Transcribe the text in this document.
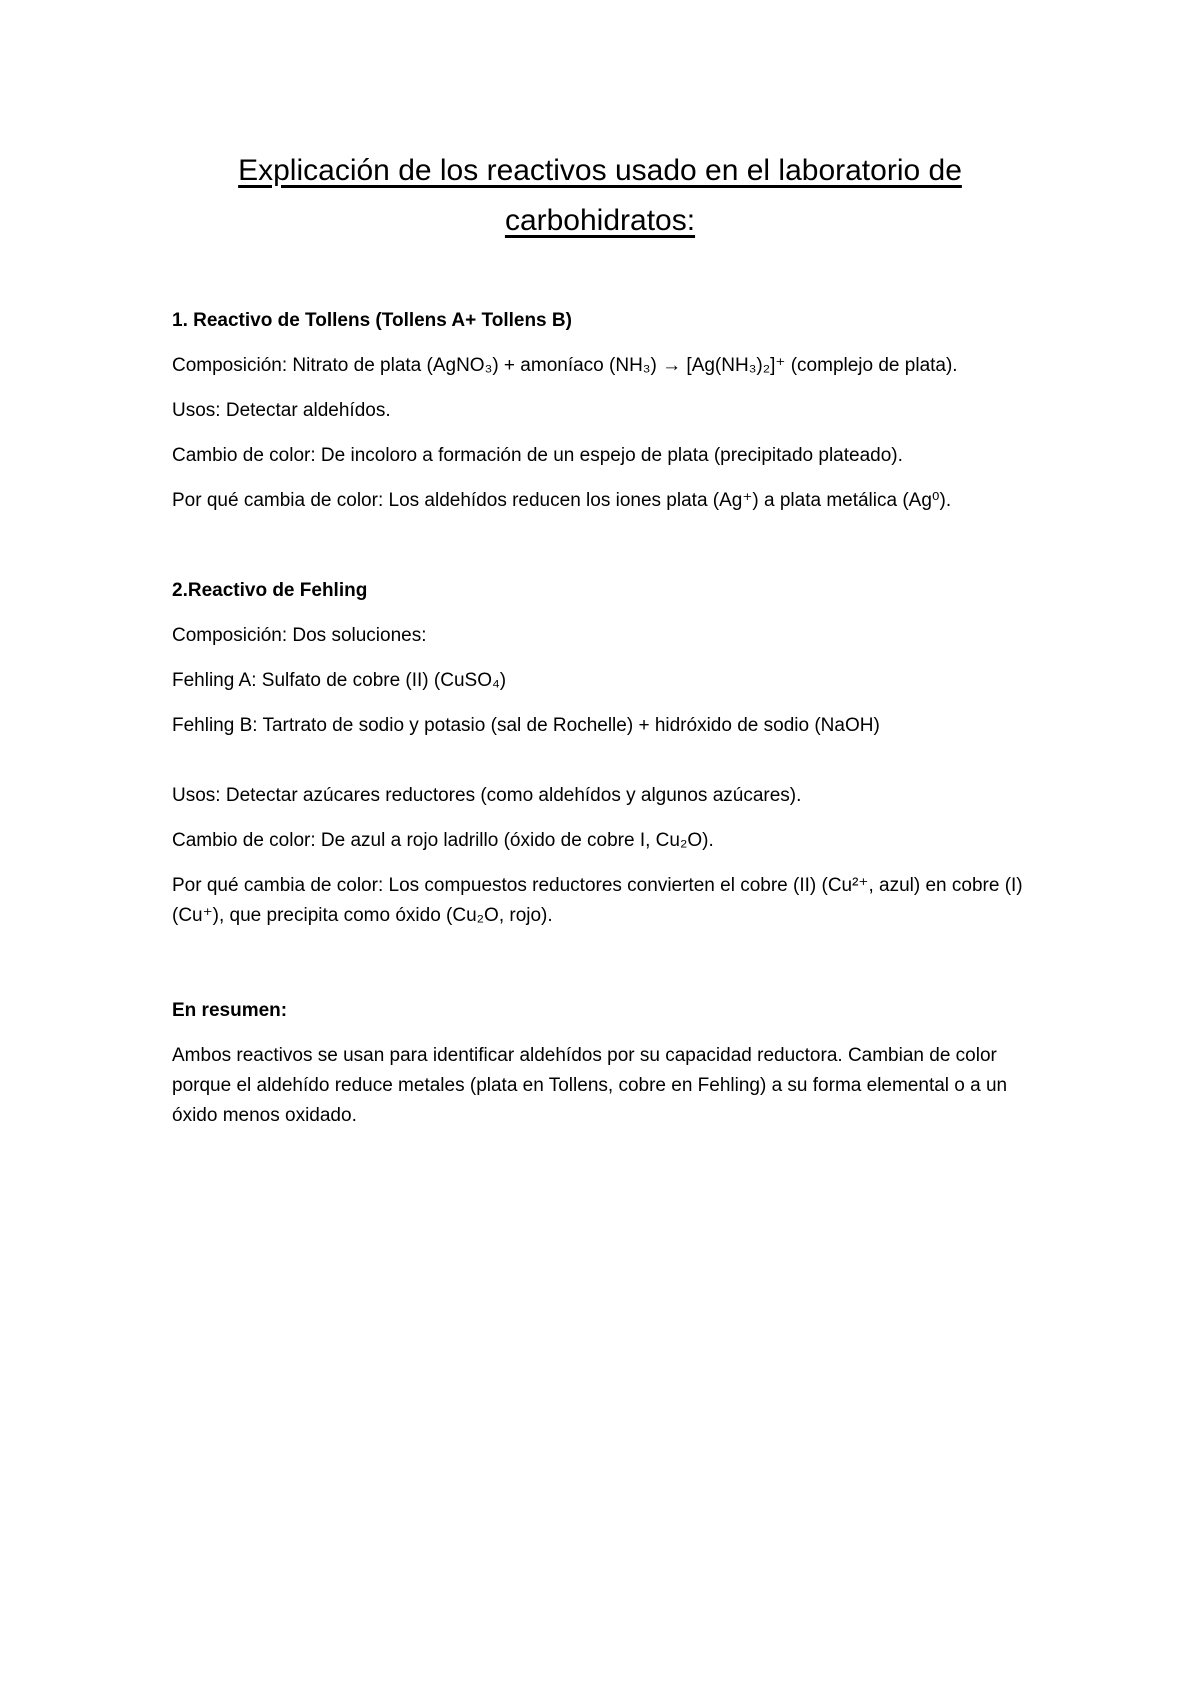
Explicación de los reactivos usado en el laboratorio de carbohidratos:
1. Reactivo de Tollens (Tollens A+ Tollens B)
Composición: Nitrato de plata (AgNO₃) + amoníaco (NH₃) → [Ag(NH₃)₂]⁺ (complejo de plata).
Usos: Detectar aldehídos.
Cambio de color: De incoloro a formación de un espejo de plata (precipitado plateado).
Por qué cambia de color: Los aldehídos reducen los iones plata (Ag⁺) a plata metálica (Ag⁰).
2.Reactivo de Fehling
Composición: Dos soluciones:
Fehling A: Sulfato de cobre (II) (CuSO₄)
Fehling B: Tartrato de sodio y potasio (sal de Rochelle) + hidróxido de sodio (NaOH)
Usos: Detectar azúcares reductores (como aldehídos y algunos azúcares).
Cambio de color: De azul a rojo ladrillo (óxido de cobre I, Cu₂O).
Por qué cambia de color: Los compuestos reductores convierten el cobre (II) (Cu²⁺, azul) en cobre (I) (Cu⁺), que precipita como óxido (Cu₂O, rojo).
En resumen:
Ambos reactivos se usan para identificar aldehídos por su capacidad reductora. Cambian de color porque el aldehído reduce metales (plata en Tollens, cobre en Fehling) a su forma elemental o a un óxido menos oxidado.
